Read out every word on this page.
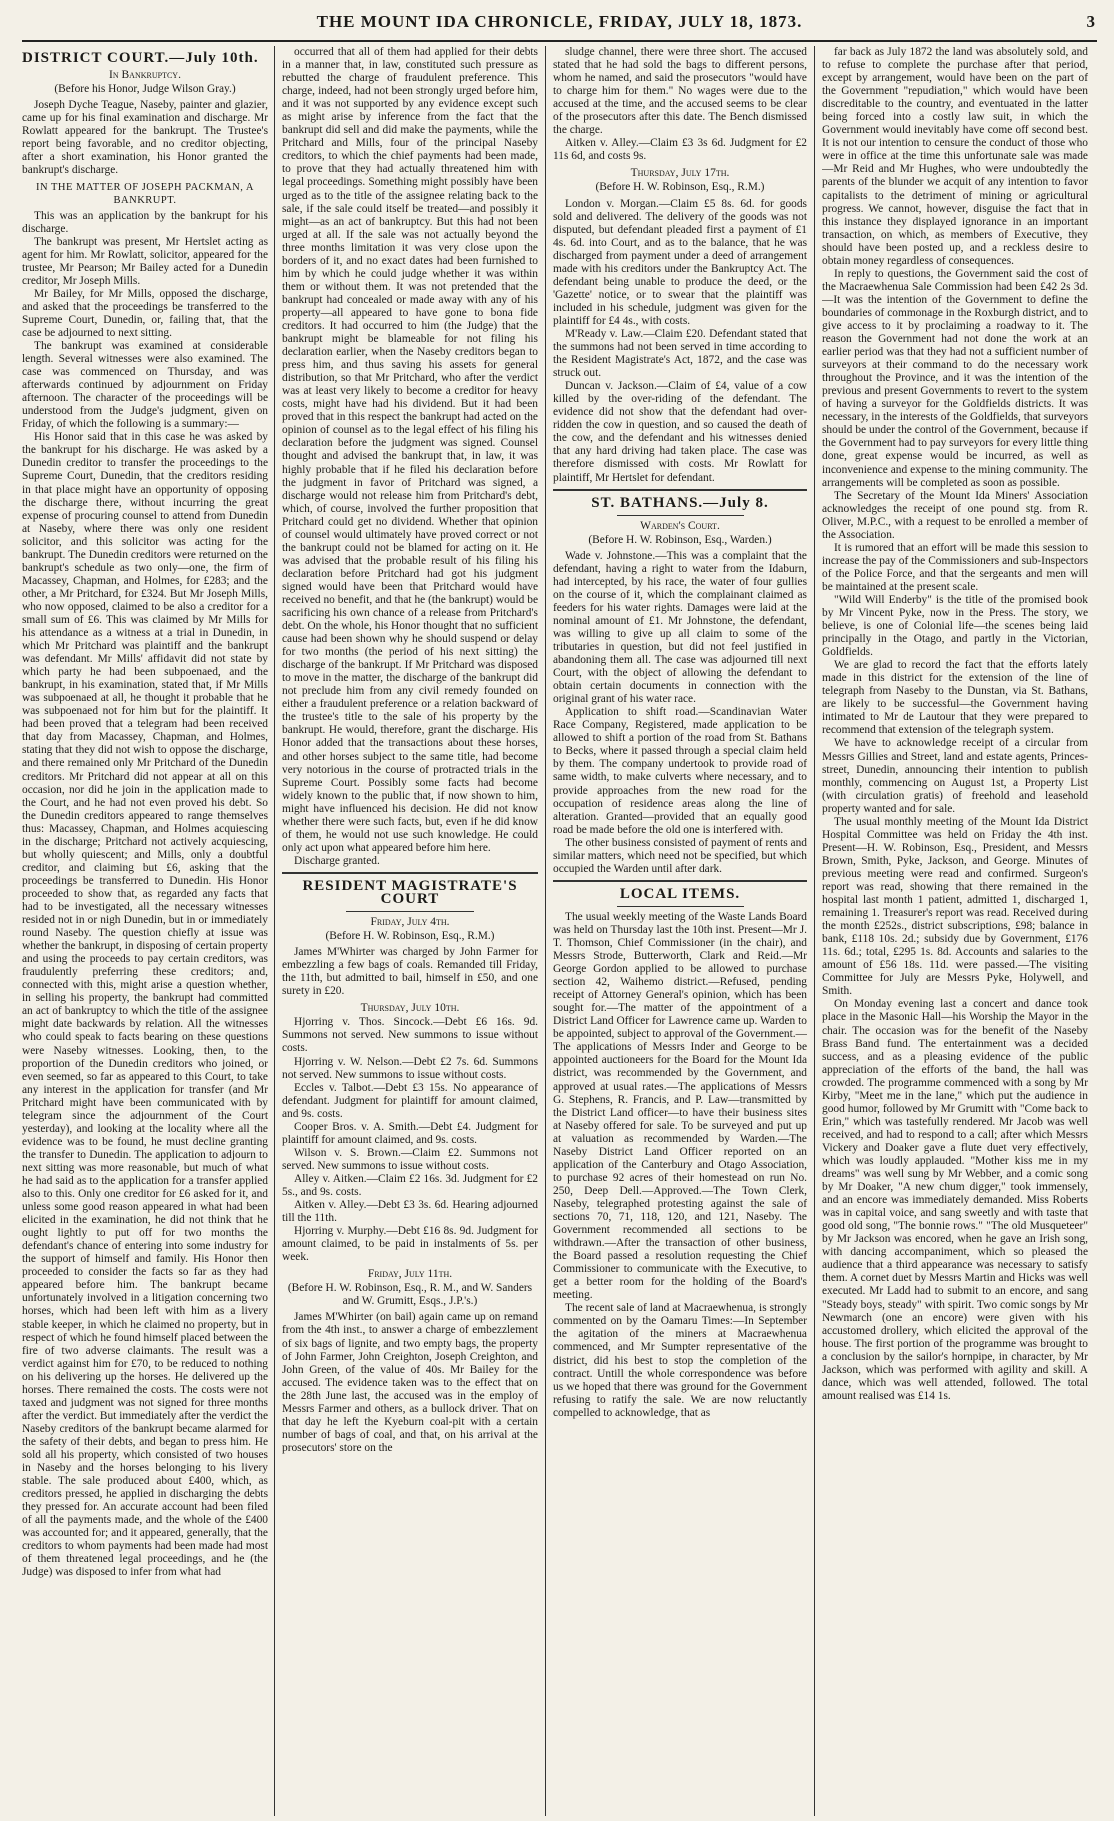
THE MOUNT IDA CHRONICLE, FRIDAY, JULY 18, 1873.	3
DISTRICT COURT.—July 10th.
In Bankruptcy.
(Before his Honor, Judge Wilson Gray.)

Joseph Dyche Teague, Naseby, painter and glazier, came up for his final examination and discharge. Mr Rowlatt appeared for the bankrupt. The Trustee's report being favorable, and no creditor objecting, after a short examination, his Honor granted the bankrupt's discharge.

IN THE MATTER OF JOSEPH PACKMAN, A BANKRUPT.

This was an application by the bankrupt for his discharge.

The bankrupt was present, Mr Hertslet acting as agent for him. Mr Rowlatt, solicitor, appeared for the trustee, Mr Pearson; Mr Bailey acted for a Dunedin creditor, Mr Joseph Mills.

Mr Bailey, for Mr Mills, opposed the discharge, and asked that the proceedings be transferred to the Supreme Court, Dunedin, or, failing that, that the case be adjourned to next sitting.

The bankrupt was examined at considerable length. Several witnesses were also examined. The case was commenced on Thursday, and was afterwards continued by adjournment on Friday afternoon. The character of the proceedings will be understood from the Judge's judgment, given on Friday, of which the following is a summary:—

His Honor said that in this case he was asked by the bankrupt for his discharge. He was asked by a Dunedin creditor to transfer the proceedings to the Supreme Court, Dunedin, that the creditors residing in that place might have an opportunity of opposing the discharge there, without incurring the great expense of procuring counsel to attend from Dunedin at Naseby, where there was only one resident solicitor, and this solicitor was acting for the bankrupt. The Dunedin creditors were returned on the bankrupt's schedule as two only—one, the firm of Macassey, Chapman, and Holmes, for £283; and the other, a Mr Pritchard, for £324. But Mr Joseph Mills, who now opposed, claimed to be also a creditor for a small sum of £6. This was claimed by Mr Mills for his attendance as a witness at a trial in Dunedin, in which Mr Pritchard was plaintiff and the bankrupt was defendant. Mr Mills' affidavit did not state by which party he had been subpoenaed, and the bankrupt, in his examination, stated that, if Mr Mills was subpoenaed at all, he thought it probable that he was subpoenaed not for him but for the plaintiff. It had been proved that a telegram had been received that day from Macassey, Chapman, and Holmes, stating that they did not wish to oppose the discharge, and there remained only Mr Pritchard of the Dunedin creditors. Mr Pritchard did not appear at all on this occasion, nor did he join in the application made to the Court, and he had not even proved his debt. So the Dunedin creditors appeared to range themselves thus: Macassey, Chapman, and Holmes acquiescing in the discharge; Pritchard not actively acquiescing, but wholly quiescent; and Mills, only a doubtful creditor, and claiming but £6, asking that the proceedings be transferred to Dunedin. His Honor proceeded to show that, as regarded any facts that had to be investigated, all the necessary witnesses resided not in or nigh Dunedin, but in or immediately round Naseby. The question chiefly at issue was whether the bankrupt, in disposing of certain property and using the proceeds to pay certain creditors, was fraudulently preferring these creditors; and, connected with this, might arise a question whether, in selling his property, the bankrupt had committed an act of bankruptcy to which the title of the assignee might date backwards by relation. All the witnesses who could speak to facts bearing on these questions were Naseby witnesses. Looking, then, to the proportion of the Dunedin creditors who joined, or even seemed, so far as appeared to this Court, to take any interest in the application for transfer (and Mr Pritchard might have been communicated with by telegram since the adjournment of the Court yesterday), and looking at the locality where all the evidence was to be found, he must decline granting the transfer to Dunedin. The application to adjourn to next sitting was more reasonable, but much of what he had said as to the application for a transfer applied also to this. Only one creditor for £6 asked for it, and unless some good reason appeared in what had been elicited in the examination, he did not think that he ought lightly to put off for two months the defendant's chance of entering into some industry for the support of himself and family. His Honor then proceeded to consider the facts so far as they had appeared before him. The bankrupt became unfortunately involved in a litigation concerning two horses, which had been left with him as a livery stable keeper, in which he claimed no property, but in respect of which he found himself placed between the fire of two adverse claimants. The result was a verdict against him for £70, to be reduced to nothing on his delivering up the horses. He delivered up the horses. There remained the costs. The costs were not taxed and judgment was not signed for three months after the verdict. But immediately after the verdict the Naseby creditors of the bankrupt became alarmed for the safety of their debts, and began to press him. He sold all his property, which consisted of two houses in Naseby and the horses belonging to his livery stable. The sale produced about £400, which, as creditors pressed, he applied in discharging the debts they pressed for. An accurate account had been filed of all the payments made, and the whole of the £400 was accounted for; and it appeared, generally, that the creditors to whom payments had been made had most of them threatened legal proceedings, and he (the Judge) was disposed to infer from what had

occurred that all of them had applied for their debts in a manner that, in law, constituted such pressure as rebutted the charge of fraudulent preference. This charge, indeed, had not been strongly urged before him, and it was not supported by any evidence except such as might arise by inference from the fact that the bankrupt did sell and did make the payments, while the Pritchard and Mills, four of the principal Naseby creditors, to which the chief payments had been made, to prove that they had actually threatened him with legal proceedings. Something might possibly have been urged as to the title of the assignee relating back to the sale, if the sale could itself be treated—and possibly it might—as an act of bankruptcy. But this had not been urged at all. If the sale was not actually beyond the three months limitation it was very close upon the borders of it, and no exact dates had been furnished to him by which he could judge whether it was within them or without them. It was not pretended that the bankrupt had concealed or made away with any of his property—all appeared to have gone to bona fide creditors. It had occurred to him (the Judge) that the bankrupt might be blameable for not filing his declaration earlier, when the Naseby creditors began to press him, and thus saving his assets for general distribution, so that Mr Pritchard, who after the verdict was at least very likely to become a creditor for heavy costs, might have had his dividend. But it had been proved that in this respect the bankrupt had acted on the opinion of counsel as to the legal effect of his filing his declaration before the judgment was signed. Counsel thought and advised the bankrupt that, in law, it was highly probable that if he filed his declaration before the judgment in favor of Pritchard was signed, a discharge would not release him from Pritchard's debt, which, of course, involved the further proposition that Pritchard could get no dividend. Whether that opinion of counsel would ultimately have proved correct or not the bankrupt could not be blamed for acting on it. He was advised that the probable result of his filing his declaration before Pritchard had got his judgment signed would have been that Pritchard would have received no benefit, and that he (the bankrupt) would be sacrificing his own chance of a release from Pritchard's debt. On the whole, his Honor thought that no sufficient cause had been shown why he should suspend or delay for two months (the period of his next sitting) the discharge of the bankrupt. If Mr Pritchard was disposed to move in the matter, the discharge of the bankrupt did not preclude him from any civil remedy founded on either a fraudulent preference or a relation backward of the trustee's title to the sale of his property by the bankrupt. He would, therefore, grant the discharge. His Honor added that the transactions about these horses, and other horses subject to the same title, had become very notorious in the course of protracted trials in the Supreme Court. Possibly some facts had become widely known to the public that, if now shown to him, might have influenced his decision. He did not know whether there were such facts, but, even if he did know of them, he would not use such knowledge. He could only act upon what appeared before him here.

Discharge granted.

RESIDENT MAGISTRATE'S COURT
Friday, July 4th.
(Before H. W. Robinson, Esq., R.M.)

James M'Whirter was charged by John Farmer for embezzling a few bags of coals. Remanded till Friday, the 11th, but admitted to bail, himself in £50, and one surety in £20.

Thursday, July 10th.

Hjorring v. Thos. Sincock.—Debt £6 16s. 9d. Summons not served. New summons to issue without costs.

Hjorring v. W. Nelson.—Debt £2 7s. 6d. Summons not served. New summons to issue without costs.

Eccles v. Talbot.—Debt £3 15s. No appearance of defendant. Judgment for plaintiff for amount claimed, and 9s. costs.

Cooper Bros. v. A. Smith.—Debt £4. Judgment for plaintiff for amount claimed, and 9s. costs.

Wilson v. S. Brown.—Claim £2. Summons not served. New summons to issue without costs.

Alley v. Aitken.—Claim £2 16s. 3d. Judgment for £2 5s., and 9s. costs.

Aitken v. Alley.—Debt £3 3s. 6d. Hearing adjourned till the 11th.

Hjorring v. Murphy.—Debt £16 8s. 9d. Judgment for amount claimed, to be paid in instalments of 5s. per week.

Friday, July 11th.
(Before H. W. Robinson, Esq., R. M., and W. Sanders and W. Grumitt, Esqs., J.P.'s.)

James M'Whirter (on bail) again came up on remand from the 4th inst., to answer a charge of embezzlement of six bags of lignite, and two empty bags, the property of John Farmer, John Creighton, Joseph Creighton, and John Green, of the value of 40s. Mr Bailey for the accused. The evidence taken was to the effect that on the 28th June last, the accused was in the employ of Messrs Farmer and others, as a bullock driver. That on that day he left the Kyeburn coal-pit with a certain number of bags of coal, and that, on his arrival at the prosecutors' store on the

sludge channel, there were three short. The accused stated that he had sold the bags to different persons, whom he named, and said the prosecutors "would have to charge him for them." No wages were due to the accused at the time, and the accused seems to be clear of the prosecutors after this date. The Bench dismissed the charge.

Aitken v. Alley.—Claim £3 3s 6d. Judgment for £2 11s 6d, and costs 9s.

Thursday, July 17th.
(Before H. W. Robinson, Esq., R.M.)

London v. Morgan.—Claim £5 8s. 6d. for goods sold and delivered. The delivery of the goods was not disputed, but defendant pleaded first a payment of £1 4s. 6d. into Court, and as to the balance, that he was discharged from payment under a deed of arrangement made with his creditors under the Bankruptcy Act. The defendant being unable to produce the deed, or the 'Gazette' notice, or to swear that the plaintiff was included in his schedule, judgment was given for the plaintiff for £4 4s., with costs.

M'Ready v. Law.—Claim £20. Defendant stated that the summons had not been served in time according to the Resident Magistrate's Act, 1872, and the case was struck out.

Duncan v. Jackson.—Claim of £4, value of a cow killed by the over-riding of the defendant. The evidence did not show that the defendant had over-ridden the cow in question, and so caused the death of the cow, and the defendant and his witnesses denied that any hard driving had taken place. The case was therefore dismissed with costs. Mr Rowlatt for plaintiff, Mr Hertslet for defendant.

ST. BATHANS.—July 8.
Warden's Court.
(Before H. W. Robinson, Esq., Warden.)

Wade v. Johnstone.—This was a complaint that the defendant, having a right to water from the Idaburn, had intercepted, by his race, the water of four gullies on the course of it, which the complainant claimed as feeders for his water rights. Damages were laid at the nominal amount of £1. Mr Johnstone, the defendant, was willing to give up all claim to some of the tributaries in question, but did not feel justified in abandoning them all. The case was adjourned till next Court, with the object of allowing the defendant to obtain certain documents in connection with the original grant of his water race.

Application to shift road.—Scandinavian Water Race Company, Registered, made application to be allowed to shift a portion of the road from St. Bathans to Becks, where it passed through a special claim held by them. The company undertook to provide road of same width, to make culverts where necessary, and to provide approaches from the new road for the occupation of residence areas along the line of alteration. Granted—provided that an equally good road be made before the old one is interfered with.

The other business consisted of payment of rents and similar matters, which need not be specified, but which occupied the Warden until after dark.

LOCAL ITEMS.

The usual weekly meeting of the Waste Lands Board was held on Thursday last the 10th inst. Present—Mr J. T. Thomson, Chief Commissioner (in the chair), and Messrs Strode, Butterworth, Clark and Reid.—Mr George Gordon applied to be allowed to purchase section 42, Waihemo district.—Refused, pending receipt of Attorney General's opinion, which has been sought for.—The matter of the appointment of a District Land Officer for Lawrence came up. Warden to be appointed, subject to approval of the Government.—The applications of Messrs Inder and George to be appointed auctioneers for the Board for the Mount Ida district, was recommended by the Government, and approved at usual rates.—The applications of Messrs G. Stephens, R. Francis, and P. Law—transmitted by the District Land officer—to have their business sites at Naseby offered for sale. To be surveyed and put up at valuation as recommended by Warden.—The Naseby District Land Officer reported on an application of the Canterbury and Otago Association, to purchase 92 acres of their homestead on run No. 250, Deep Dell.—Approved.—The Town Clerk, Naseby, telegraphed protesting against the sale of sections 70, 71, 118, 120, and 121, Naseby. The Government recommended all sections to be withdrawn.—After the transaction of other business, the Board passed a resolution requesting the Chief Commissioner to communicate with the Executive, to get a better room for the holding of the Board's meeting.

The recent sale of land at Macraewhenua, is strongly commented on by the Oamaru Times:—In September the agitation of the miners at Macraewhenua commenced, and Mr Sumpter representative of the district, did his best to stop the completion of the contract. Untill the whole correspondence was before us we hoped that there was ground for the Government refusing to ratify the sale. We are now reluctantly compelled to acknowledge, that as

far back as July 1872 the land was absolutely sold, and to refuse to complete the purchase after that period, except by arrangement, would have been on the part of the Government "repudiation," which would have been discreditable to the country, and eventuated in the latter being forced into a costly law suit, in which the Government would inevitably have come off second best. It is not our intention to censure the conduct of those who were in office at the time this unfortunate sale was made—Mr Reid and Mr Hughes, who were undoubtedly the parents of the blunder we acquit of any intention to favor capitalists to the detriment of mining or agricultural progress. We cannot, however, disguise the fact that in this instance they displayed ignorance in an important transaction, on which, as members of Executive, they should have been posted up, and a reckless desire to obtain money regardless of consequences.

In reply to questions, the Government said the cost of the Macraewhenua Sale Commission had been £42 2s 3d.—It was the intention of the Government to define the boundaries of commonage in the Roxburgh district, and to give access to it by proclaiming a roadway to it. The reason the Government had not done the work at an earlier period was that they had not a sufficient number of surveyors at their command to do the necessary work throughout the Province, and it was the intention of the previous and present Governments to revert to the system of having a surveyor for the Goldfields districts. It was necessary, in the interests of the Goldfields, that surveyors should be under the control of the Government, because if the Government had to pay surveyors for every little thing done, great expense would be incurred, as well as inconvenience and expense to the mining community. The arrangements will be completed as soon as possible.

The Secretary of the Mount Ida Miners' Association acknowledges the receipt of one pound stg. from R. Oliver, M.P.C., with a request to be enrolled a member of the Association.

It is rumored that an effort will be made this session to increase the pay of the Commissioners and sub-Inspectors of the Police Force, and that the sergeants and men will be maintained at the present scale.

"Wild Will Enderby" is the title of the promised book by Mr Vincent Pyke, now in the Press. The story, we believe, is one of Colonial life—the scenes being laid principally in the Otago, and partly in the Victorian, Goldfields.

We are glad to record the fact that the efforts lately made in this district for the extension of the line of telegraph from Naseby to the Dunstan, via St. Bathans, are likely to be successful—the Government having intimated to Mr de Lautour that they were prepared to recommend that extension of the telegraph system.

We have to acknowledge receipt of a circular from Messrs Gillies and Street, land and estate agents, Princes-street, Dunedin, announcing their intention to publish monthly, commencing on August 1st, a Property List (with circulation gratis) of freehold and leasehold property wanted and for sale.

The usual monthly meeting of the Mount Ida District Hospital Committee was held on Friday the 4th inst. Present—H. W. Robinson, Esq., President, and Messrs Brown, Smith, Pyke, Jackson, and George. Minutes of previous meeting were read and confirmed. Surgeon's report was read, showing that there remained in the hospital last month 1 patient, admitted 1, discharged 1, remaining 1. Treasurer's report was read. Received during the month £252s., district subscriptions, £98; balance in bank, £118 10s. 2d.; subsidy due by Government, £176 11s. 6d.; total, £295 1s. 8d. Accounts and salaries to the amount of £56 18s. 11d. were passed.—The visiting Committee for July are Messrs Pyke, Holywell, and Smith.

On Monday evening last a concert and dance took place in the Masonic Hall—his Worship the Mayor in the chair. The occasion was for the benefit of the Naseby Brass Band fund. The entertainment was a decided success, and as a pleasing evidence of the public appreciation of the efforts of the band, the hall was crowded. The programme commenced with a song by Mr Kirby, "Meet me in the lane," which put the audience in good humor, followed by Mr Grumitt with "Come back to Erin," which was tastefully rendered. Mr Jacob was well received, and had to respond to a call; after which Messrs Vickery and Doaker gave a flute duet very effectively, which was loudly applauded. "Mother kiss me in my dreams" was well sung by Mr Webber, and a comic song by Mr Doaker, "A new chum digger," took immensely, and an encore was immediately demanded. Miss Roberts was in capital voice, and sang sweetly and with taste that good old song, "The bonnie rows." "The old Musqueteer" by Mr Jackson was encored, when he gave an Irish song, with dancing accompaniment, which so pleased the audience that a third appearance was necessary to satisfy them. A cornet duet by Messrs Martin and Hicks was well executed. Mr Ladd had to submit to an encore, and sang "Steady boys, steady" with spirit. Two comic songs by Mr Newmarch (one an encore) were given with his accustomed drollery, which elicited the approval of the house. The first portion of the programme was brought to a conclusion by the sailor's hornpipe, in character, by Mr Jackson, which was performed with agility and skill. A dance, which was well attended, followed. The total amount realised was £14 1s.
